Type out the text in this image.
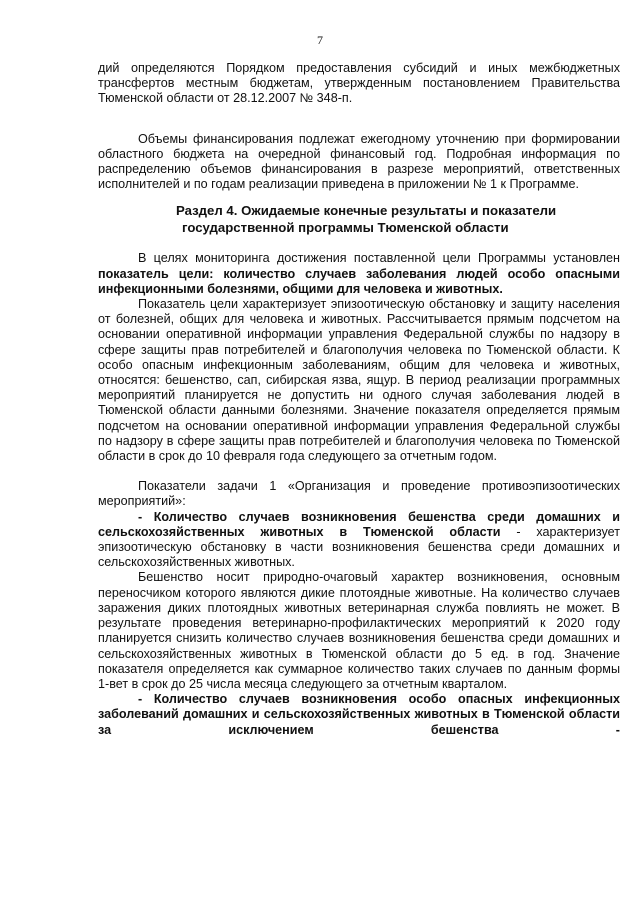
7

дий определяются Порядком предоставления субсидий и иных межбюджетных трансфертов местным бюджетам, утвержденным постановлением Правительства Тюменской области от 28.12.2007 № 348-п.

Объемы финансирования подлежат ежегодному уточнению при формировании областного бюджета на очередной финансовый год. Подробная информация по распределению объемов финансирования в разрезе мероприятий, ответственных исполнителей и по годам реализации приведена в приложении № 1 к Программе.

Раздел 4. Ожидаемые конечные результаты и показатели
государственной программы Тюменской области

В целях мониторинга достижения поставленной цели Программы установлен показатель цели: количество случаев заболевания людей особо опасными инфекционными болезнями, общими для человека и животных.

Показатель цели характеризует эпизоотическую обстановку и защиту населения от болезней, общих для человека и животных. Рассчитывается прямым подсчетом на основании оперативной информации управления Федеральной службы по надзору в сфере защиты прав потребителей и благополучия человека по Тюменской области. К особо опасным инфекционным заболеваниям, общим для человека и животных, относятся: бешенство, сап, сибирская язва, ящур. В период реализации программных мероприятий планируется не допустить ни одного случая заболевания людей в Тюменской области данными болезнями. Значение показателя определяется прямым подсчетом на основании оперативной информации управления Федеральной службы по надзору в сфере защиты прав потребителей и благополучия человека по Тюменской области в срок до 10 февраля года следующего за отчетным годом.

Показатели задачи 1 «Организация и проведение противоэпизоотических мероприятий»:

- Количество случаев возникновения бешенства среди домашних и сельскохозяйственных животных в Тюменской области - характеризует эпизоотическую обстановку в части возникновения бешенства среди домашних и сельскохозяйственных животных.

Бешенство носит природно-очаговый характер возникновения, основным переносчиком которого являются дикие плотоядные животные. На количество случаев заражения диких плотоядных животных ветеринарная служба повлиять не может. В результате проведения ветеринарно-профилактических мероприятий к 2020 году планируется снизить количество случаев возникновения бешенства среди домашних и сельскохозяйственных животных в Тюменской области до 5 ед. в год. Значение показателя определяется как суммарное количество таких случаев по данным формы 1-вет в срок до 25 числа месяца следующего за отчетным кварталом.

- Количество случаев возникновения особо опасных инфекционных заболеваний домашних и сельскохозяйственных животных в Тюменской области за исключением бешенства -
